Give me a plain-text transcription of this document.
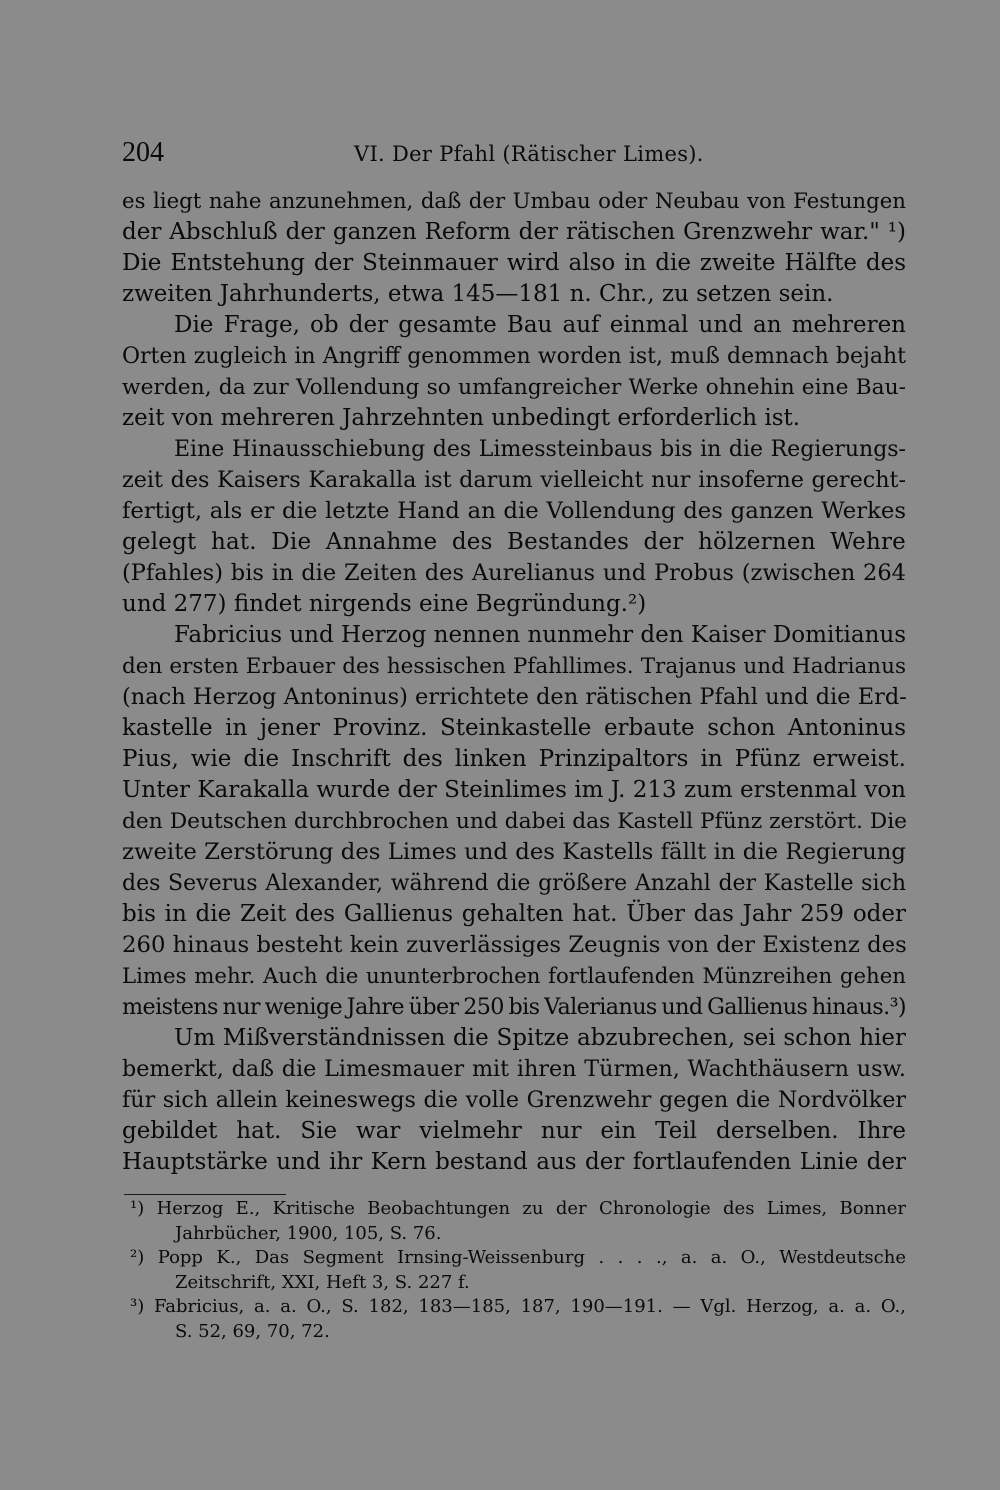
204	VI. Der Pfahl (Rätischer Limes).
es liegt nahe anzunehmen, daß der Umbau oder Neubau von Festungen
der Abschluß der ganzen Reform der rätischen Grenzwehr war." ¹)
Die Entstehung der Steinmauer wird also in die zweite Hälfte des
zweiten Jahrhunderts, etwa 145—181 n. Chr., zu setzen sein.
Die Frage, ob der gesamte Bau auf einmal und an mehreren
Orten zugleich in Angriff genommen worden ist, muß demnach bejaht
werden, da zur Vollendung so umfangreicher Werke ohnehin eine Bau-
zeit von mehreren Jahrzehnten unbedingt erforderlich ist.
Eine Hinausschiebung des Limessteinbaus bis in die Regierungs-
zeit des Kaisers Karakalla ist darum vielleicht nur insoferne gerecht-
fertigt, als er die letzte Hand an die Vollendung des ganzen Werkes
gelegt hat. Die Annahme des Bestandes der hölzernen Wehre
(Pfahles) bis in die Zeiten des Aurelianus und Probus (zwischen 264
und 277) findet nirgends eine Begründung.²)
Fabricius und Herzog nennen nunmehr den Kaiser Domitianus
den ersten Erbauer des hessischen Pfahllimes. Trajanus und Hadrianus
(nach Herzog Antoninus) errichtete den rätischen Pfahl und die Erd-
kastelle in jener Provinz. Steinkastelle erbaute schon Antoninus
Pius, wie die Inschrift des linken Prinzipaltors in Pfünz erweist.
Unter Karakalla wurde der Steinlimes im J. 213 zum erstenmal von
den Deutschen durchbrochen und dabei das Kastell Pfünz zerstört. Die
zweite Zerstörung des Limes und des Kastells fällt in die Regierung
des Severus Alexander, während die größere Anzahl der Kastelle sich
bis in die Zeit des Gallienus gehalten hat. Über das Jahr 259 oder
260 hinaus besteht kein zuverlässiges Zeugnis von der Existenz des
Limes mehr. Auch die ununterbrochen fortlaufenden Münzreihen gehen
meistens nur wenige Jahre über 250 bis Valerianus und Gallienus hinaus.³)
Um Mißverständnissen die Spitze abzubrechen, sei schon hier
bemerkt, daß die Limesmauer mit ihren Türmen, Wachthäusern usw.
für sich allein keineswegs die volle Grenzwehr gegen die Nordvölker
gebildet hat. Sie war vielmehr nur ein Teil derselben. Ihre
Hauptstärke und ihr Kern bestand aus der fortlaufenden Linie der
¹) Herzog E., Kritische Beobachtungen zu der Chronologie des Limes, Bonner
Jahrbücher, 1900, 105, S. 76.
²) Popp K., Das Segment Irnsing-Weissenburg . . . ., a. a. O., Westdeutsche
Zeitschrift, XXI, Heft 3, S. 227 f.
³) Fabricius, a. a. O., S. 182, 183—185, 187, 190—191. — Vgl. Herzog, a. a. O.,
S. 52, 69, 70, 72.
